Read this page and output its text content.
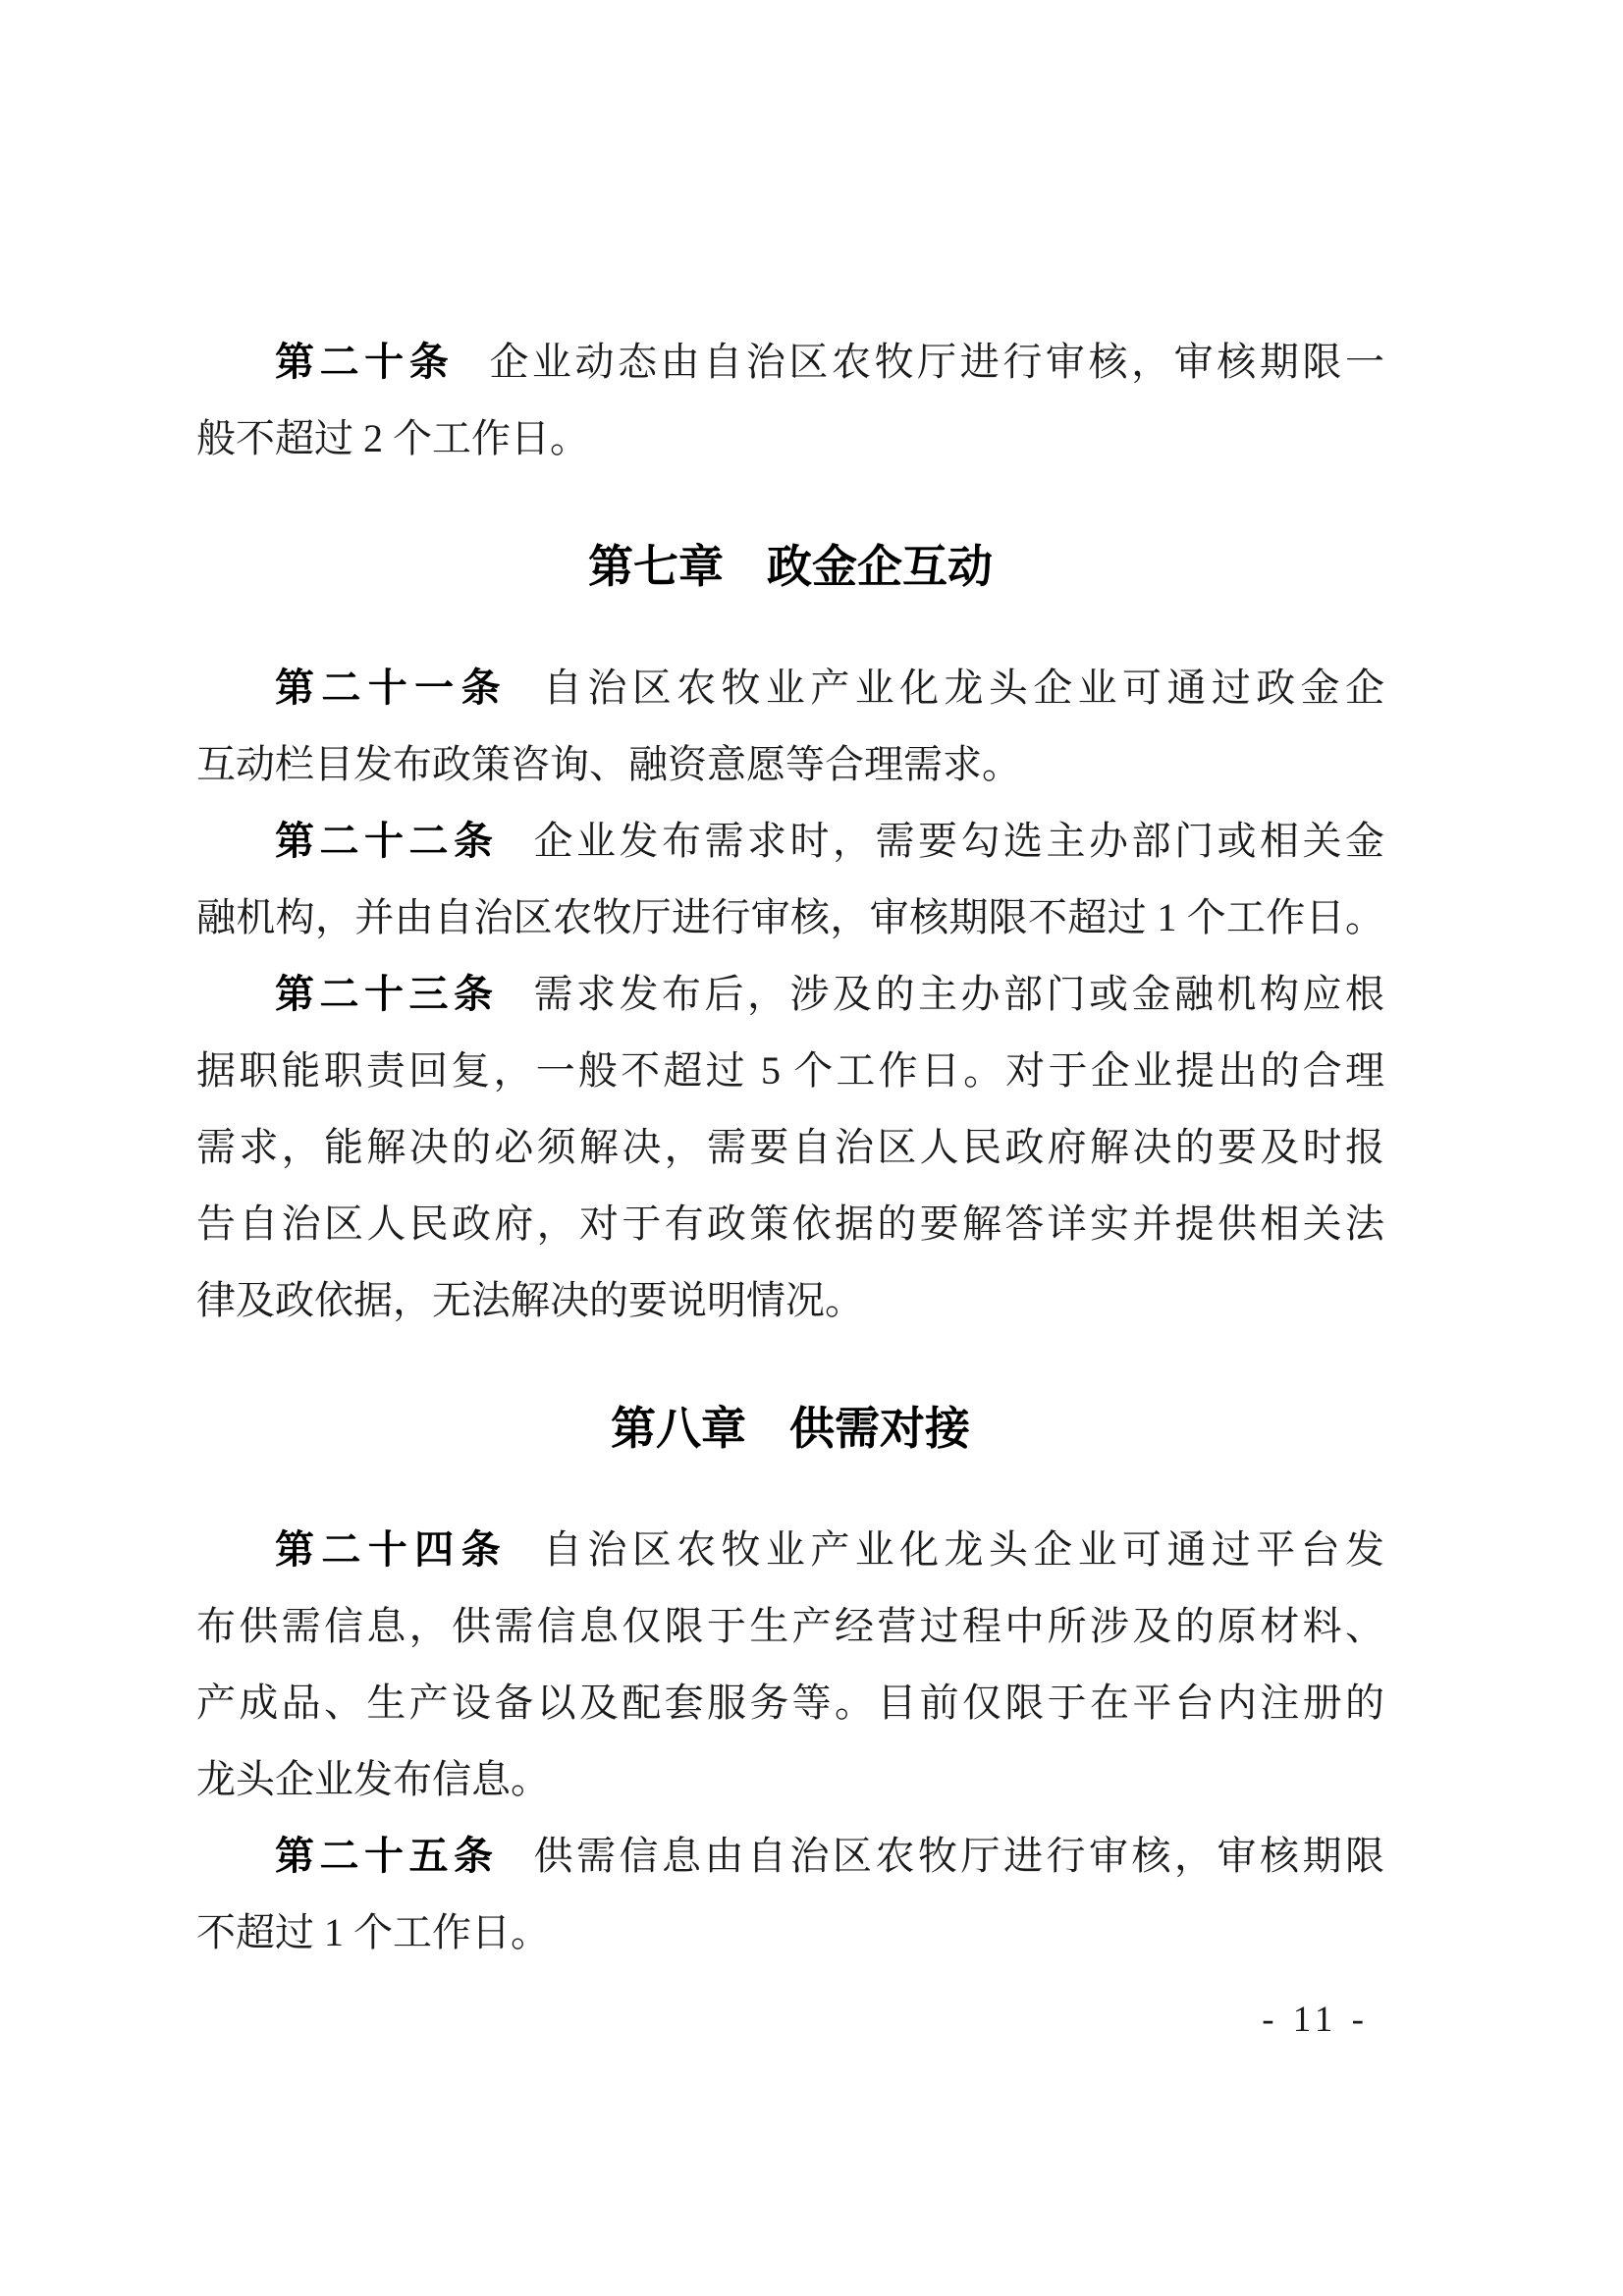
第二十条 企业动态由自治区农牧厅进行审核，审核期限一
般不超过 2 个工作日。
第七章 政金企互动
第二十一条 自治区农牧业产业化龙头企业可通过政金企
互动栏目发布政策咨询、融资意愿等合理需求。
第二十二条 企业发布需求时，需要勾选主办部门或相关金
融机构，并由自治区农牧厅进行审核，审核期限不超过 1 个工作日。
第二十三条 需求发布后，涉及的主办部门或金融机构应根
据职能职责回复，一般不超过 5 个工作日。对于企业提出的合理
需求，能解决的必须解决，需要自治区人民政府解决的要及时报
告自治区人民政府，对于有政策依据的要解答详实并提供相关法
律及政依据，无法解决的要说明情况。
第八章 供需对接
第二十四条 自治区农牧业产业化龙头企业可通过平台发
布供需信息，供需信息仅限于生产经营过程中所涉及的原材料、
产成品、生产设备以及配套服务等。目前仅限于在平台内注册的
龙头企业发布信息。
第二十五条 供需信息由自治区农牧厅进行审核，审核期限
不超过 1 个工作日。
- 11 -
